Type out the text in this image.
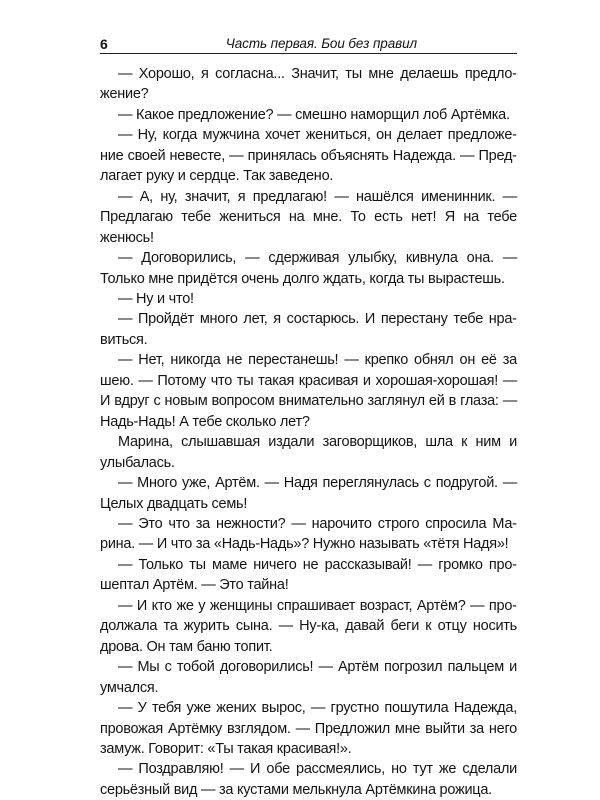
6	Часть первая. Бои без правил

— Хорошо, я согласна... Значит, ты мне делаешь предложение?

— Какое предложение? — смешно наморщил лоб Артёмка.

— Ну, когда мужчина хочет жениться, он делает предложение своей невесте, — принялась объяснять Надежда. — Предлагает руку и сердце. Так заведено.

— А, ну, значит, я предлагаю! — нашёлся именинник. — Предлагаю тебе жениться на мне. То есть нет! Я на тебе женюсь!

— Договорились, — сдерживая улыбку, кивнула она. — Только мне придётся очень долго ждать, когда ты вырастешь.

— Ну и что!

— Пройдёт много лет, я состарюсь. И перестану тебе нравиться.

— Нет, никогда не перестанешь! — крепко обнял он её за шею. — Потому что ты такая красивая и хорошая-хорошая! — И вдруг с новым вопросом внимательно заглянул ей в глаза: — Надь-Надь! А тебе сколько лет?

Марина, слышавшая издали заговорщиков, шла к ним и улыбалась.

— Много уже, Артём. — Надя переглянулась с подругой. — Целых двадцать семь!

— Это что за нежности? — нарочито строго спросила Марина. — И что за «Надь-Надь»? Нужно называть «тётя Надя»!

— Только ты маме ничего не рассказывай! — громко прошептал Артём. — Это тайна!

— И кто же у женщины спрашивает возраст, Артём? — продолжала та журить сына. — Ну-ка, давай беги к отцу носить дрова. Он там баню топит.

— Мы с тобой договорились! — Артём погрозил пальцем и умчался.

— У тебя уже жених вырос, — грустно пошутила Надежда, провожая Артёмку взглядом. — Предложил мне выйти за него замуж. Говорит: «Ты такая красивая!».

— Поздравляю! — И обе рассмеялись, но тут же сделали серьёзный вид — за кустами мелькнула Артёмкина рожица.
